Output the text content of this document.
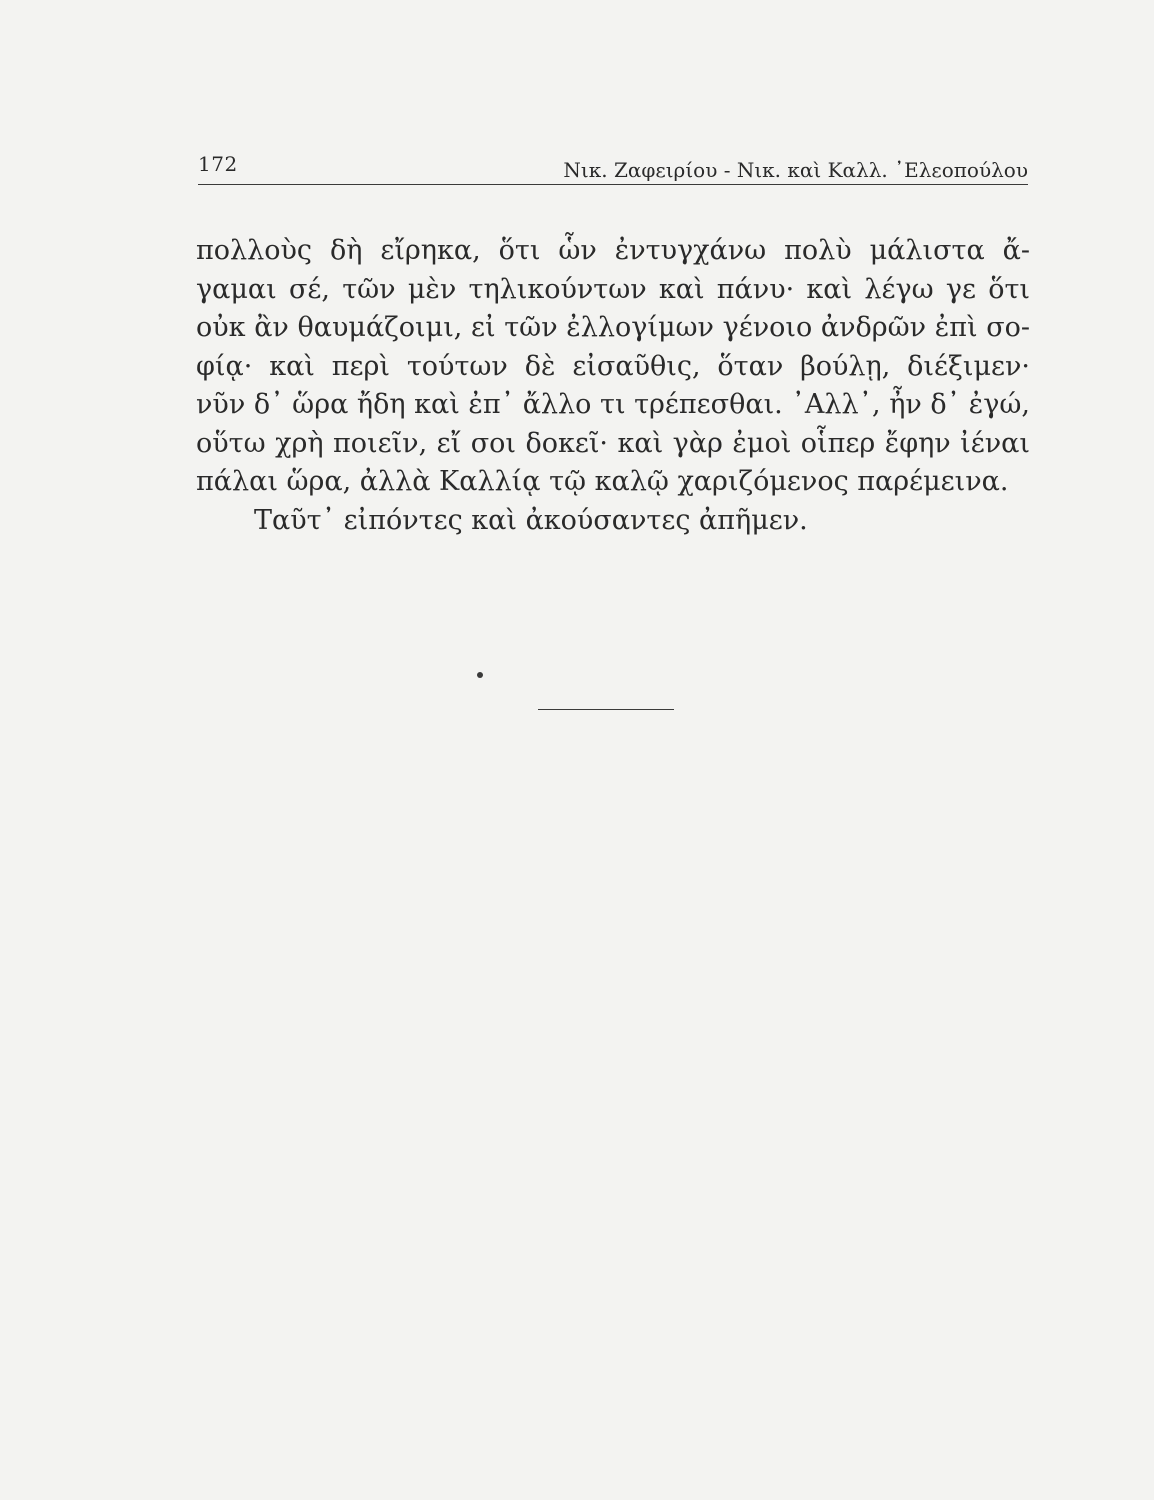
172	Νικ. Ζαφειρίου - Νικ. καὶ Καλλ. ᾿Ελεοπούλου
πολλοὺς δὴ εἴρηκα, ὅτι ὧν ἐντυγχάνω πολὺ μάλιστα ἄ-
γαμαι σέ, τῶν μὲν τηλικούντων καὶ πάνυ· καὶ λέγω γε ὅτι
οὐκ ἂν θαυμάζοιμι, εἰ τῶν ἐλλογίμων γένοιο ἀνδρῶν ἐπὶ σο-
φίᾳ· καὶ περὶ τούτων δὲ εἰσαῦθις, ὅταν βούλῃ, διέξιμεν·
νῦν δ᾽ ὥρα ἤδη καὶ ἐπ᾽ ἄλλο τι τρέπεσθαι. ᾿Αλλ᾽, ἦν δ᾽ ἐγώ,
οὕτω χρὴ ποιεῖν, εἴ σοι δοκεῖ· καὶ γὰρ ἐμοὶ οἷπερ ἔφην ἰέναι
πάλαι ὥρα, ἀλλὰ Καλλίᾳ τῷ καλῷ χαριζόμενος παρέμεινα.
Ταῦτ᾽ εἰπόντες καὶ ἀκούσαντες ἀπῆμεν.
